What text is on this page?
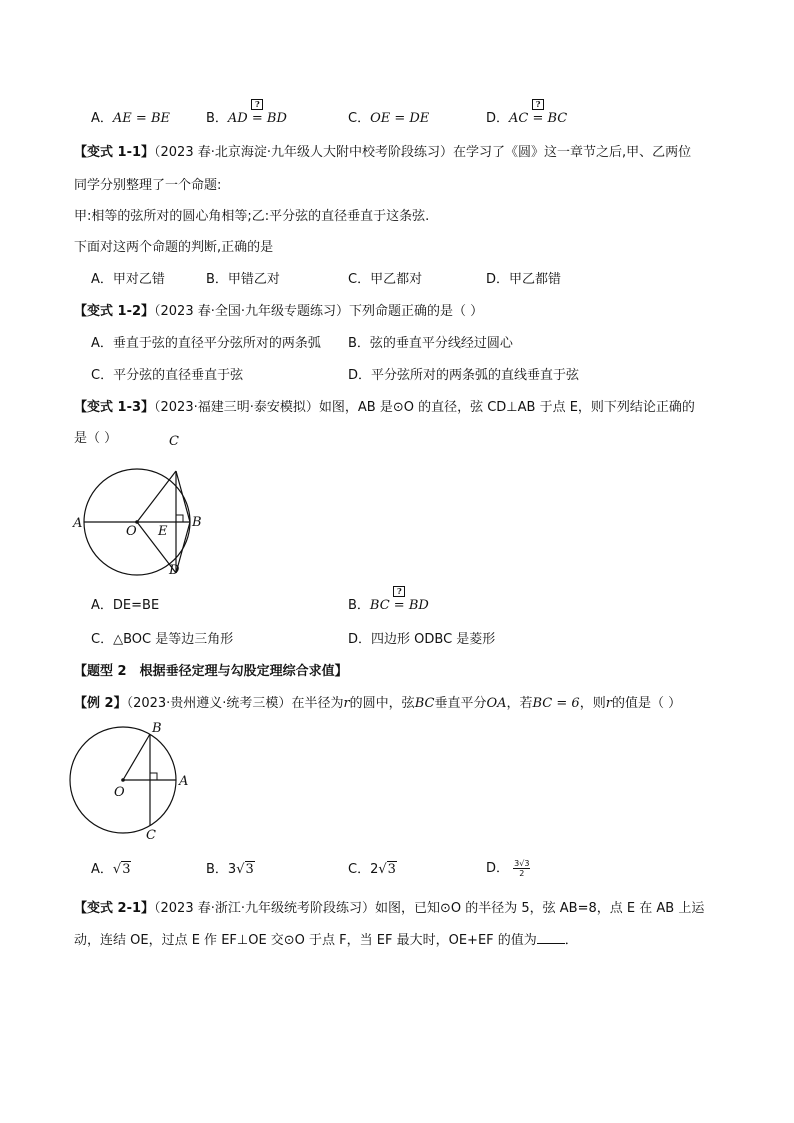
A．AE = BE	B．? AD = BD	C．OE = DE	D．? AC = BC
【变式 1-1】（2023 春·北京海淀·九年级人大附中校考阶段练习）在学习了《圆》这一章节之后,甲、乙两位
同学分别整理了一个命题:
甲:相等的弦所对的圆心角相等;乙:平分弦的直径垂直于这条弦.
下面对这两个命题的判断,正确的是
A．甲对乙错	B．甲错乙对	C．甲乙都对	D．甲乙都错
【变式 1-2】（2023 春·全国·九年级专题练习）下列命题正确的是（ ）
A．垂直于弦的直径平分弦所对的两条弧 B．弦的垂直平分线经过圆心
C．平分弦的直径垂直于弦	D．平分弦所对的两条弧的直线垂直于弦
【变式 1-3】（2023·福建三明·泰安模拟）如图，AB 是⊙O 的直径，弦 CD⊥AB 于点 E，则下列结论正确的
是（ ）
A	B
C
D
O E
A．DE=BE	B．? BC = BD
C．△BOC 是等边三角形	D．四边形 ODBC 是菱形
【题型 2　根据垂径定理与勾股定理综合求值】
【例 2】（2023·贵州遵义·统考三模）在半径为r的圆中，弦BC垂直平分OA，若BC = 6，则r的值是（ ）
B
O
A
C
A．√3	B．3√3	C．2√3	D． $\frac{3√3}{2}$
【变式 2-1】（2023 春·浙江·九年级统考阶段练习）如图，已知⊙O 的半径为 5，弦 AB=8，点 E 在 AB 上运
动，连结 OE，过点 E 作 EF⊥OE 交⊙O 于点 F，当 EF 最大时，OE+EF 的值为 ．
